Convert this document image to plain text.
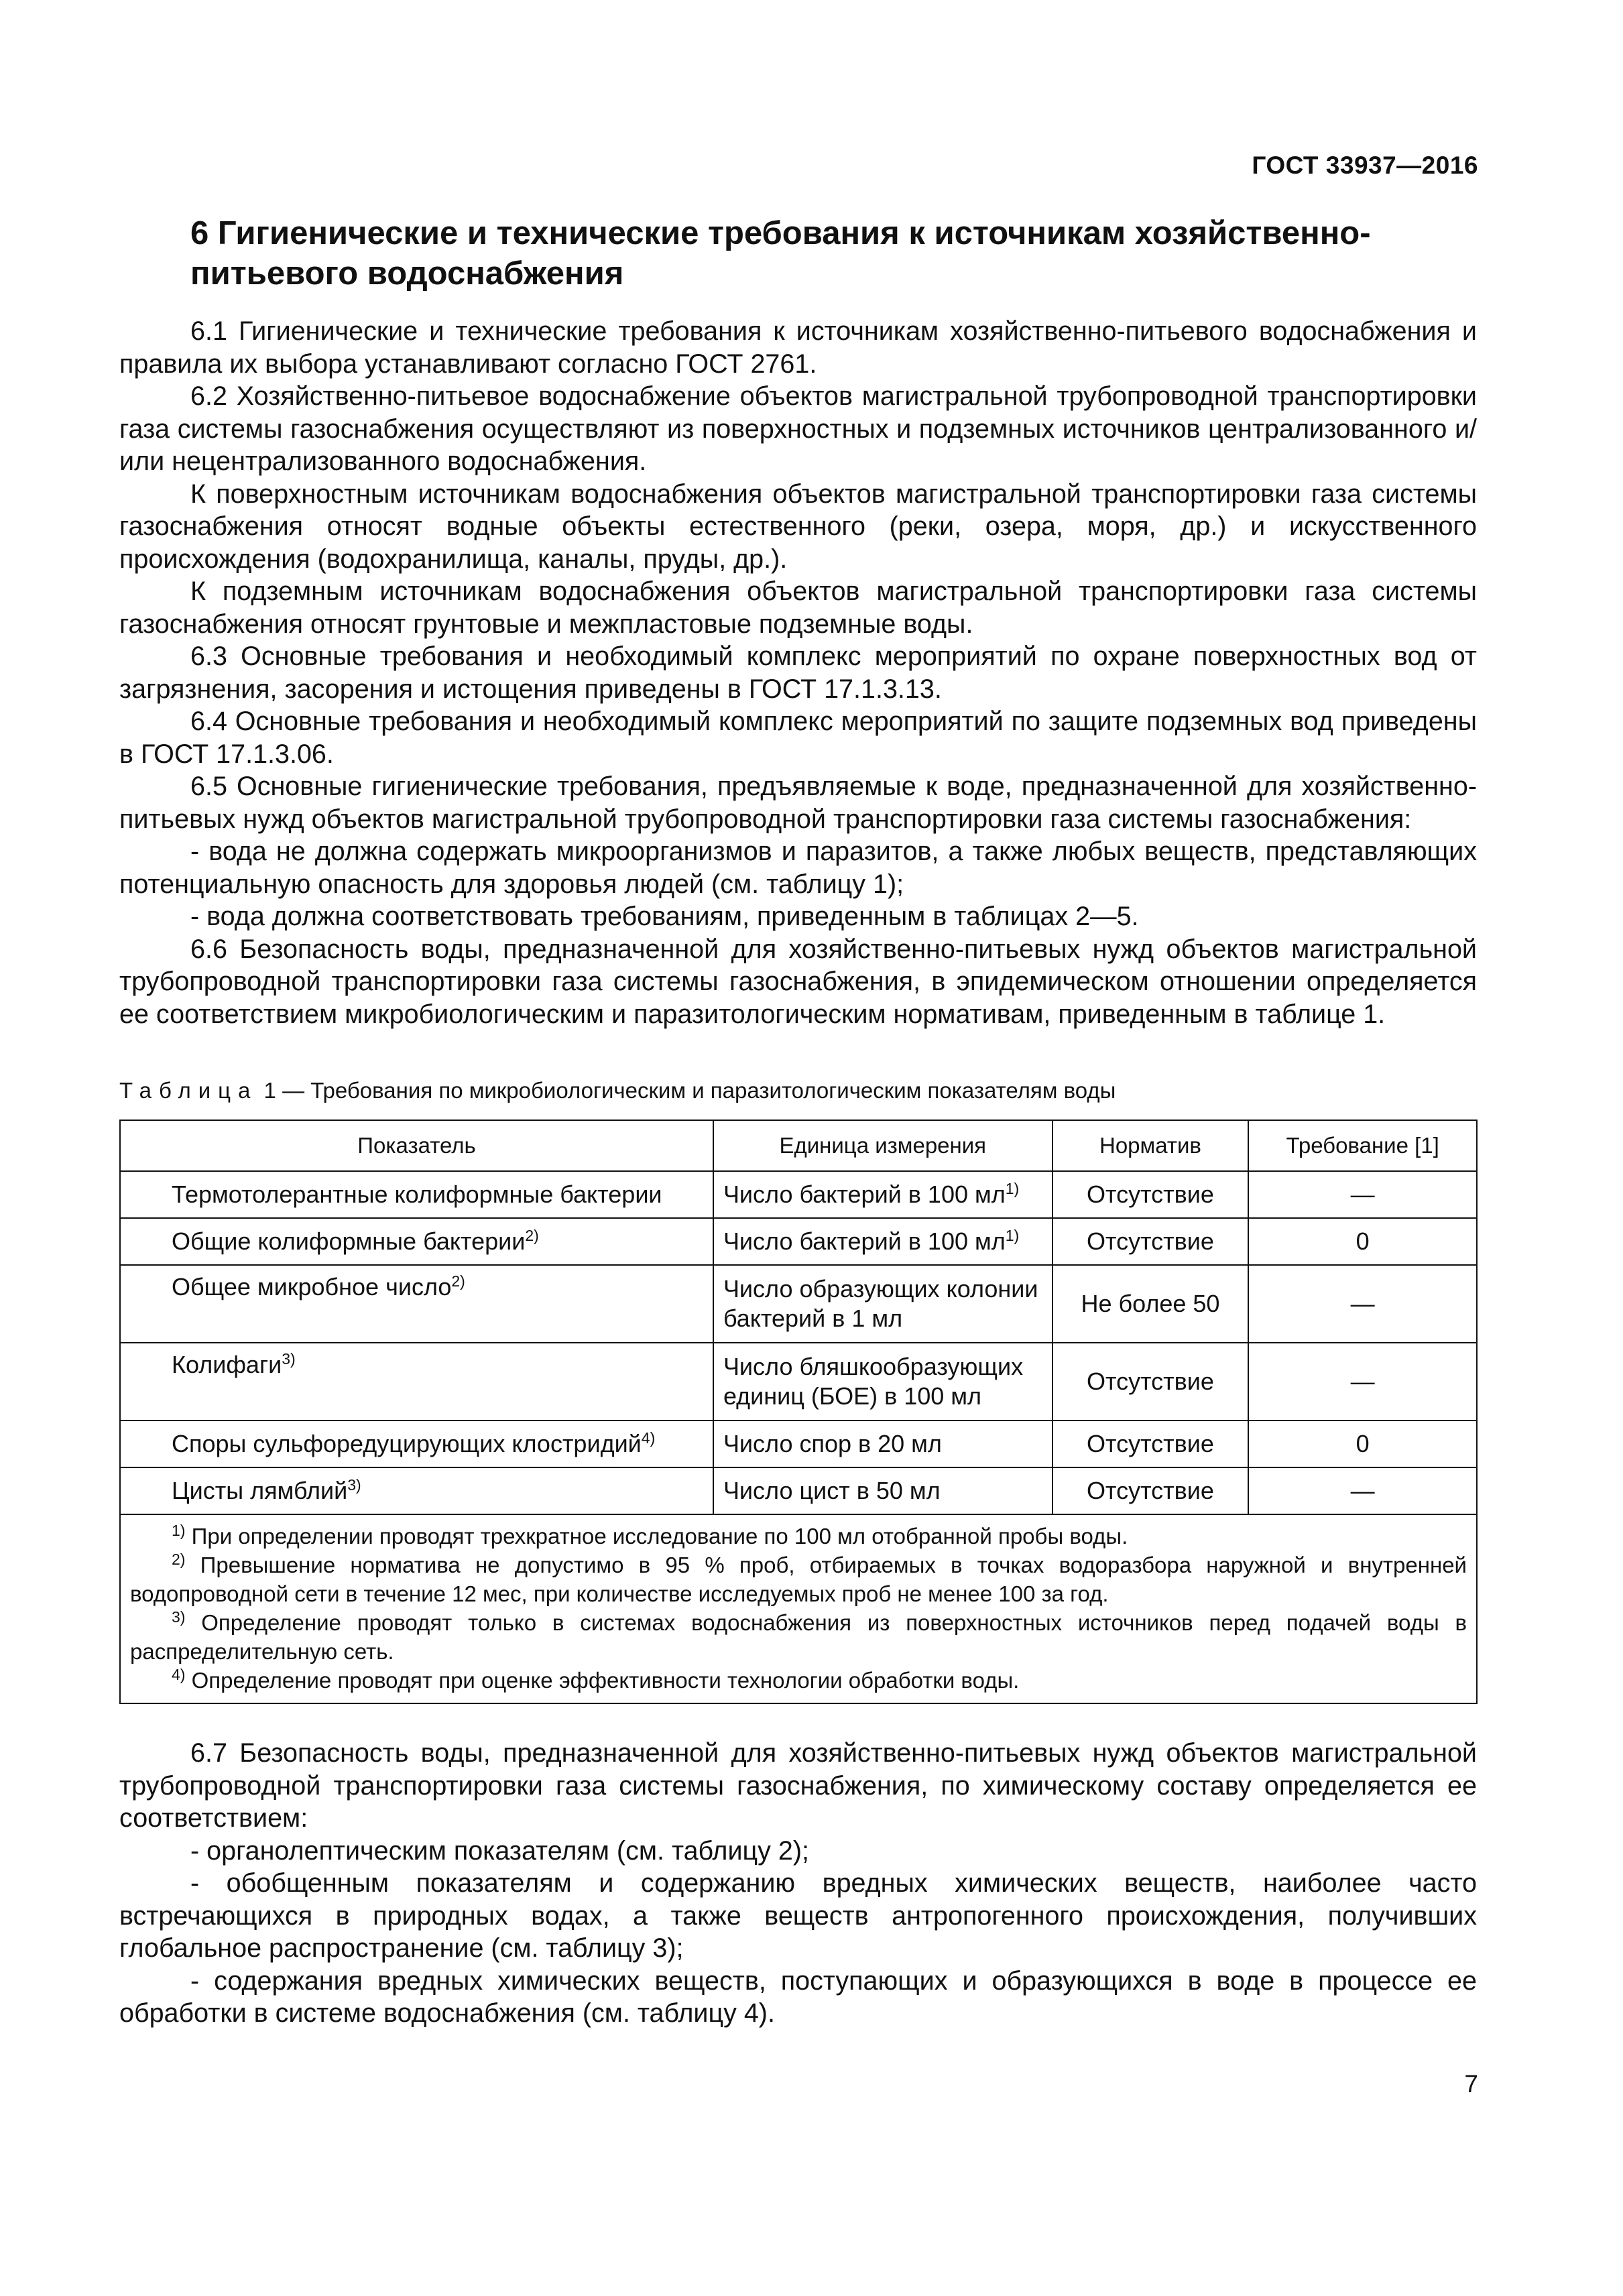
ГОСТ 33937—2016
6 Гигиенические и технические требования к источникам хозяйственно-
питьевого водоснабжения

6.1 Гигиенические и технические требования к источникам хозяйственно-питьевого водоснабжения и правила их выбора устанавливают согласно ГОСТ 2761.

6.2 Хозяйственно-питьевое водоснабжение объектов магистральной трубопроводной транспортировки газа системы газоснабжения осуществляют из поверхностных и подземных источников централизованного и/или нецентрализованного водоснабжения.

К поверхностным источникам водоснабжения объектов магистральной транспортировки газа системы газоснабжения относят водные объекты естественного (реки, озера, моря, др.) и искусственного происхождения (водохранилища, каналы, пруды, др.).

К подземным источникам водоснабжения объектов магистральной транспортировки газа системы газоснабжения относят грунтовые и межпластовые подземные воды.

6.3 Основные требования и необходимый комплекс мероприятий по охране поверхностных вод от загрязнения, засорения и истощения приведены в ГОСТ 17.1.3.13.

6.4 Основные требования и необходимый комплекс мероприятий по защите подземных вод приведены в ГОСТ 17.1.3.06.

6.5 Основные гигиенические требования, предъявляемые к воде, предназначенной для хозяйственно-питьевых нужд объектов магистральной трубопроводной транспортировки газа системы газоснабжения:

- вода не должна содержать микроорганизмов и паразитов, а также любых веществ, представляющих потенциальную опасность для здоровья людей (см. таблицу 1);

- вода должна соответствовать требованиям, приведенным в таблицах 2—5.

6.6 Безопасность воды, предназначенной для хозяйственно-питьевых нужд объектов магистральной трубопроводной транспортировки газа системы газоснабжения, в эпидемическом отношении определяется ее соответствием микробиологическим и паразитологическим нормативам, приведенным в таблице 1.

Таблица 1 — Требования по микробиологическим и паразитологическим показателям воды
Показатель	Единица измерения	Норматив	Требование [1]
Термотолерантные колиформные бактерии	Число бактерий в 100 $мл^{1)}$	Отсутствие	—
Общие колиформные бактерии$^{2)}$	Число бактерий в 100 $мл^{1)}$	Отсутствие	0
Общее микробное число$^{2)}$	Число образующих колонии бактерий в 1 мл	Не более 50	—
Колифаги$^{3)}$	Число бляшкообразующих единиц (БОЕ) в 100 мл	Отсутствие	—
Споры сульфоредуцирующих клостридий$^{4)}$	Число спор в 20 мл	Отсутствие	0
Цисты лямблий$^{3)}$	Число цист в 50 мл	Отсутствие	—

$^{1)}$ При определении проводят трехкратное исследование по 100 мл отобранной пробы воды.

$^{2)}$ Превышение норматива не допустимо в 95 % проб, отбираемых в точках водоразбора наружной и внутренней водопроводной сети в течение 12 мес, при количестве исследуемых проб не менее 100 за год.

$^{3)}$ Определение проводят только в системах водоснабжения из поверхностных источников перед подачей воды в распределительную сеть.

$^{4)}$ Определение проводят при оценке эффективности технологии обработки воды.			

6.7 Безопасность воды, предназначенной для хозяйственно-питьевых нужд объектов магистральной трубопроводной транспортировки газа системы газоснабжения, по химическому составу определяется ее соответствием:

- органолептическим показателям (см. таблицу 2);

- обобщенным показателям и содержанию вредных химических веществ, наиболее часто встречающихся в природных водах, а также веществ антропогенного происхождения, получивших глобальное распространение (см. таблицу 3);

- содержания вредных химических веществ, поступающих и образующихся в воде в процессе ее обработки в системе водоснабжения (см. таблицу 4).

7
